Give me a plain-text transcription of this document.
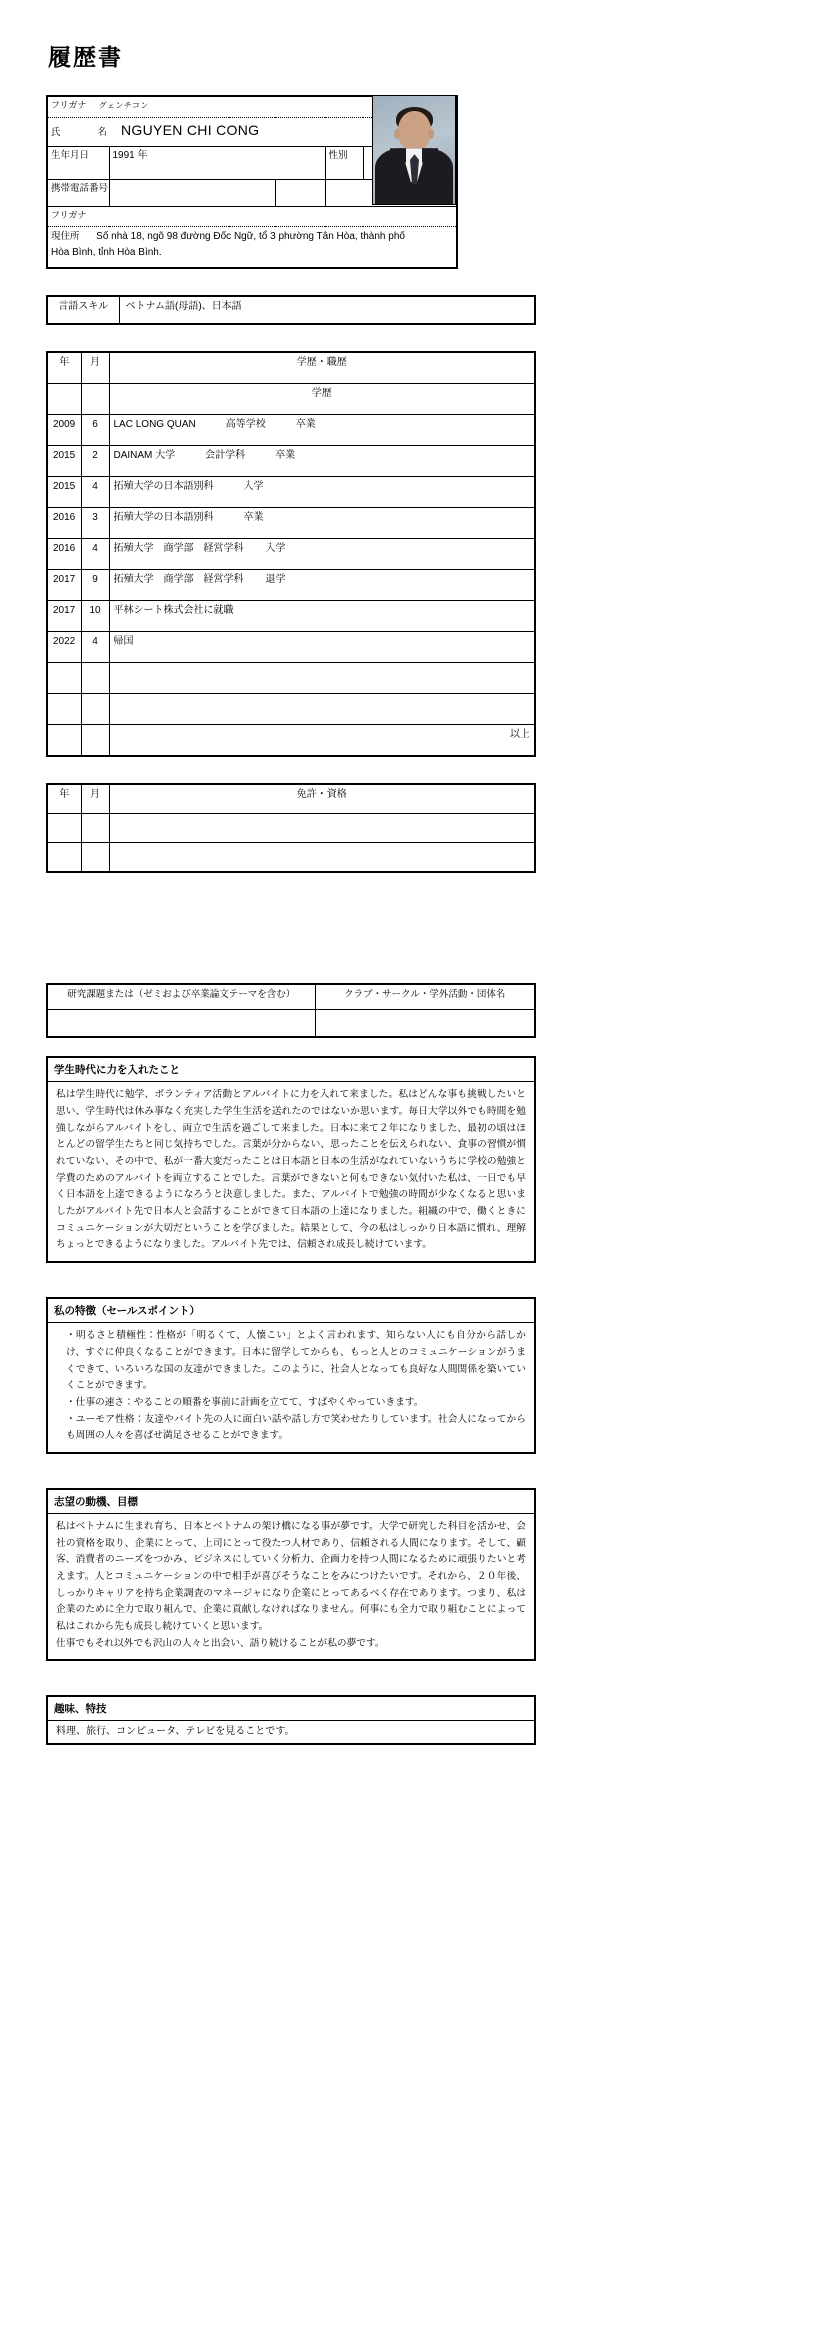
履歴書
フリガナ グェンチコン				
氏　　名 NGUYEN CHI CONG				
生年月日	1991 年		性別	
携帯電話番号				
フリガナ				
現住所 Số nhà 18, ngõ 98 đường Đốc Ngữ, tổ 3 phường Tân Hòa, thành phố
Hòa Bình, tỉnh Hòa Bình.				
言語スキル	ベトナム語(母語)、日本語
年	月	学歴・職歴
		学歴
2009	6	LAC LONG QUAN 高等学校 卒業
2015	2	DAINAM 大学 会計学科 卒業
2015	4	拓殖大学の日本語別科 入学
2016	3	拓殖大学の日本語別科 卒業
2016	4	拓殖大学　商学部　経営学科 入学
2017	9	拓殖大学　商学部　経営学科 退学
2017	10	平林シート株式会社に就職
2022	4	帰国

		以上
年	月	免許・資格

研究課題または（ゼミおよび卒業論文テーマを含む）	クラブ・サークル・学外活動・団体名

学生時代に力を入れたこと

私は学生時代に勉学、ボランティア活動とアルバイトに力を入れて来ました。私はどんな事も挑戦したいと思い、学生時代は休み事なく充実した学生生活を送れたのではないか思います。毎日大学以外でも時間を勉強しながらアルバイトをし、両立で生活を過ごして来ました。日本に来て２年になりました、最初の頃はほとんどの留学生たちと同じ気持ちでした。言葉が分からない、思ったことを伝えられない、食事の習慣が慣れていない、その中で、私が一番大変だったことは日本語と日本の生活がなれていないうちに学校の勉強と学費のためのアルバイトを両立することでした。言葉ができないと何もできない気付いた私は、一日でも早く日本語を上達できるようになろうと決意しました。また、アルバイトで勉強の時間が少なくなると思いましたがアルバイト先で日本人と会話することができて日本語の上達になりました。組織の中で、働くときにコミュニケーションが大切だということを学びました。結果として、今の私はしっかり日本語に慣れ、理解ちょっとできるようになりました。アルバイト先では、信頼され成長し続けています。

私の特徴（セールスポイント）

・明るさと積極性：性格が「明るくて、人懐こい」とよく言われます、知らない人にも自分から話しかけ、すぐに仲良くなることができます。日本に留学してからも、もっと人とのコミュニケーションがうまくできて、いろいろな国の友達ができました。このように、社会人となっても良好な人間関係を築いていくことができます。

・仕事の速さ：やることの順番を事前に計画を立てて、すばやくやっていきます。

・ユーモア性格：友達やバイト先の人に面白い話や話し方で笑わせたりしています。社会人になってからも周囲の人々を喜ばせ満足させることができます。

志望の動機、目標

私はベトナムに生まれ育ち、日本とベトナムの架け橋になる事が夢です。大学で研究した科目を活かせ、会社の資格を取り、企業にとって、上司にとって役たつ人材であり、信頼される人間になります。そして、顧客、消費者のニーズをつかみ、ビジネスにしていく分析力、企画力を持つ人間になるために頑張りたいと考えます。人とコミュニケーションの中で相手が喜びそうなことをみにつけたいです。それから、２０年後、しっかりキャリアを持ち企業調査のマネージャになり企業にとってあるべく存在であります。つまり、私は企業のために全力で取り組んで、企業に貢献しなければなりません。何事にも全力で取り組むことによって私はこれから先も成長し続けていくと思います。

仕事でもそれ以外でも沢山の人々と出会い、語り続けることが私の夢です。

趣味、特技

料理、旅行、コンピュータ、テレビを見ることです。
